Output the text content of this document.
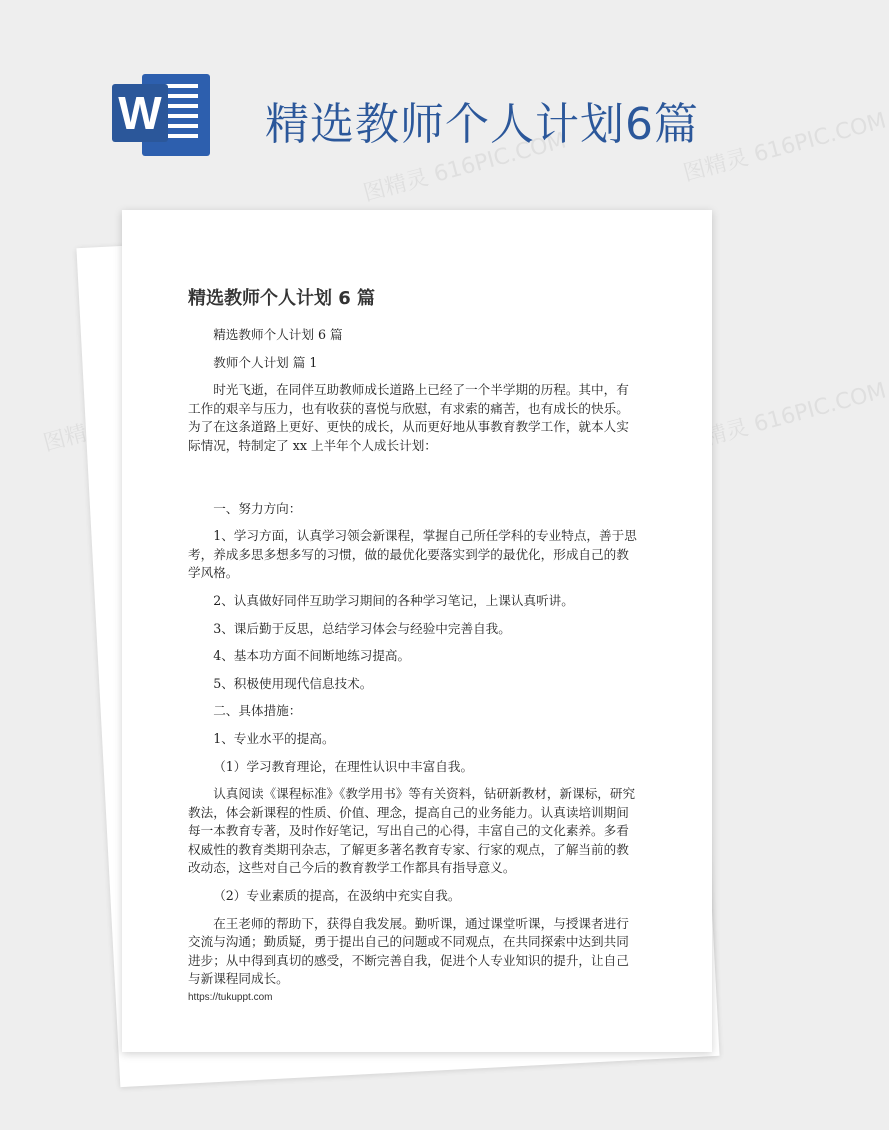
图精灵 616PIC.COM	图精灵 616PIC.COM
图精灵	图精灵 616PIC.COM
W 精选教师个人计划6篇
精选教师个人计划 6 篇

精选教师个人计划 6 篇

教师个人计划 篇 1

时光飞逝，在同伴互助教师成长道路上已经了一个半学期的历程。其中，有工作的艰辛与压力，也有收获的喜悦与欣慰，有求索的痛苦，也有成长的快乐。为了在这条道路上更好、更快的成长，从而更好地从事教育教学工作，就本人实际情况，特制定了 xx 上半年个人成长计划：

一、努力方向：

1、学习方面，认真学习领会新课程，掌握自己所任学科的专业特点，善于思考，养成多思多想多写的习惯，做的最优化要落实到学的最优化，形成自己的教学风格。

2、认真做好同伴互助学习期间的各种学习笔记，上课认真听讲。

3、课后勤于反思，总结学习体会与经验中完善自我。

4、基本功方面不间断地练习提高。

5、积极使用现代信息技术。

二、具体措施：

1、专业水平的提高。

（1）学习教育理论，在理性认识中丰富自我。

认真阅读《课程标准》《教学用书》等有关资料，钻研新教材，新课标，研究教法，体会新课程的性质、价值、理念，提高自己的业务能力。认真读培训期间每一本教育专著，及时作好笔记，写出自己的心得，丰富自己的文化素养。多看权威性的教育类期刊杂志，了解更多著名教育专家、行家的观点，了解当前的教改动态，这些对自己今后的教育教学工作都具有指导意义。

（2）专业素质的提高，在汲纳中充实自我。

在王老师的帮助下，获得自我发展。勤听课，通过课堂听课，与授课者进行交流与沟通；勤质疑，勇于提出自己的问题或不同观点，在共同探索中达到共同进步；从中得到真切的感受，不断完善自我，促进个人专业知识的提升，让自己与新课程同成长。

https://tukuppt.com
